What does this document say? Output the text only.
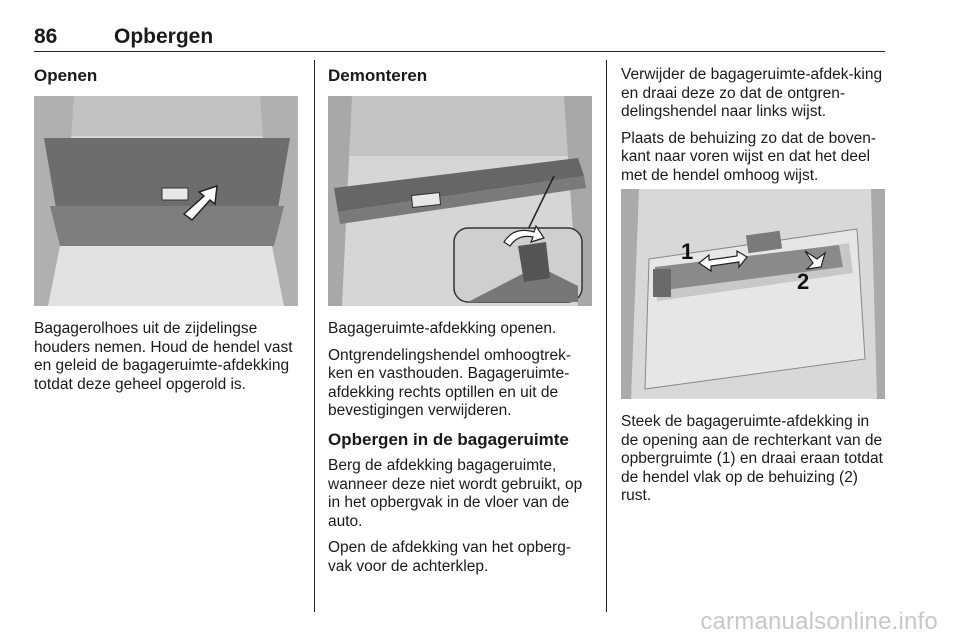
86	Opbergen
Openen

Bagagerolhoes uit de zijdelingse houders nemen. Houd de hendel vast en geleid de bagageruimte-afdekking totdat deze geheel opgerold is.

Demonteren

Bagageruimte-afdekking openen.

Ontgrendelingshendel omhoogtrek-ken en vasthouden. Bagageruimte-afdekking rechts optillen en uit de bevestigingen verwijderen.

Opbergen in de bagageruimte

Berg de afdekking bagageruimte, wanneer deze niet wordt gebruikt, op in het opbergvak in de vloer van de auto.

Open de afdekking van het opberg-vak voor de achterklep.

Verwijder de bagageruimte-afdek-king en draai deze zo dat de ontgren-delingshendel naar links wijst.

Plaats de behuizing zo dat de boven-kant naar voren wijst en dat het deel met de hendel omhoog wijst.

1
2

Steek de bagageruimte-afdekking in de opening aan de rechterkant van de opbergruimte (1) en draai eraan totdat de hendel vlak op de behuizing (2) rust.

carmanualsonline.info
